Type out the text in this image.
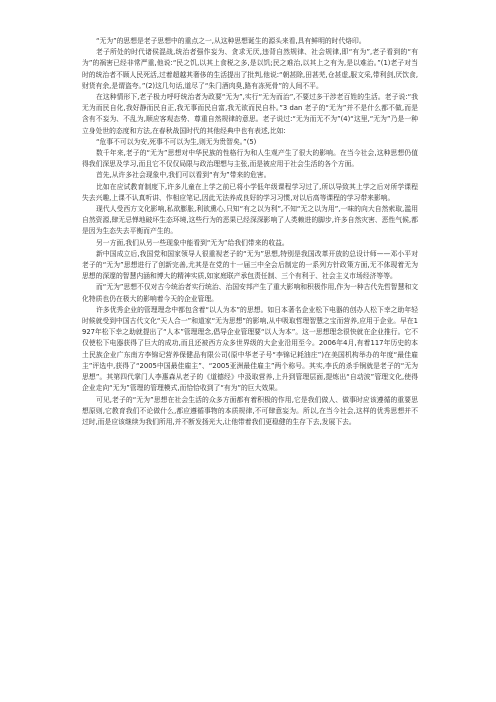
“无为”的思想是老子思想中的重点之一,从这种思想诞生的源头来看,具有鲜明的时代烙印。

老子所处的时代诸侯混战,统治者强作妄为、贪求无厌,违背自然规律、社会规律,即“有为”,老子看到的“有为”的祸害已经非常严重,他说:“民之饥,以其上食税之多,是以饥;民之难治,以其上之有为,是以难治。”(1)老子对当时的统治者不顾人民死活,过着超越其奢侈的生活提出了批判,他说:“朝甚除,田甚芜,仓甚虚,服文采,带利剑,厌饮食,财货有余,是谓盗夸。”(2)这几句话,道尽了“朱门酒肉臭,路有冻死骨”的人间不平。

在这种情形下,老子极力呼吁统治者为政要“无为”,实行“无为而治”,不要过多干涉老百姓的生活。老子说:“我无为而民自化,我好静而民自正,我无事而民自富,我无欲而民自朴。”3 dan 老子的“无为”并不是什么都不做,而是含有不妄为、不乱为,顺应客观态势、尊重自然规律的意思。老子说过:“无为而无不为”(4)“这里,“无为”乃是一种立身处世的态度和方法,在春秋战国时代的其他经典中也有表述,比如:

“危事不可以为安,死事不可以为生,则无为贵智矣。”(5)

数千年来,老子的“无为”思想对中华民族的性格行为和人生观产生了很大的影响。在当今社会,这种思想仍值得我们深思及学习,而且它不仅仅局限与政治理想与主张,而是被应用于社会生活的各个方面。

首先,从许多社会现象中,我们可以看到“有为”带来的危害。

比如在应试教育制度下,许多儿童在上学之前已将小学低年级课程学习过了,所以导致其上学之后对所学课程失去兴趣,上课不认真听讲、作相应笔记,因此无法养成良好的学习习惯,对以后高等课程的学习带来影响。

现代人受西方文化影响,私欲膨胀,利欲熏心,只知“有之以为利”,不知“无之以为用”,一味的向大自然索取,滥用自然资源,肆无忌惮地破坏生态环境,这些行为的恶果已经深深影响了人类赖进的脚步,许多自然灾害、恶性气候,都是因为生态失去平衡而产生的。

另一方面,我们从另一些现象中能看到“无为”给我们带来的收益。

新中国成立后,我国党和国家领导人很重视老子的“无为”思想,特别是我国改革开放的总设计师——邓小平对老子的“无为”思想进行了创新完善,尤其是在党的十一届三中全会后制定的一系列方针政策方面,无不体现着无为思想的深邃的智慧内涵和博大的精神实质,如家庭联产承包责任制、三个有利于、社会主义市场经济等等。

而“无为”思想不仅对古今统治者实行统治、治国安邦产生了重大影响和积极作用,作为一种古代先哲智慧和文化特质也仍在极大的影响着今天的企业管理。

许多优秀企业的管理理念中都包含着“以人为本”的思想。如日本著名企业松下电器的创办人松下幸之助年轻时候就受到中国古代文化“天人合一”和道家“无为思想”的影响,从中吸取哲理智慧之宝而营养,应用于企业。早在1927年松下幸之助就提出了“人本”管理理念,倡导企业管理要“以人为本”。这一思想理念很快就在企业推行。它不仅使松下电器获得了巨大的成功,而且还被西方众多世界级的大企业沿用至今。2006年4月,有着117年历史的本土民族企业广东南方李锦记营养保健品有限公司(原中华老子号“李锦记耗油庄”)在美国机构举办的年度“最佳雇主”评选中,获得了“2005中国最佳雇主”、“2005亚洲最佳雇主”两个称号。其实,李氏的杀手锏就是老子的“无为思想”。其第四代掌门人李惠森从老子的《道德经》中汲取营养,上升到管理层面,提炼出“自动波”管理文化,使得企业走向“无为”管理的管理模式,而恰恰收到了“有为”的巨大效果。

可见,老子的“无为”思想在社会生活的众多方面都有着积极的作用,它是我们做人、做事时应该遵循的重要思想原则,它教育我们不论做什么,都应遵循事物的本质规律,不可肆意妄为。所以,在当今社会,这样的优秀思想并不过时,而是应该继续为我们所用,并不断发扬光大,让他带着我们更稳健的生存下去,发展下去。
